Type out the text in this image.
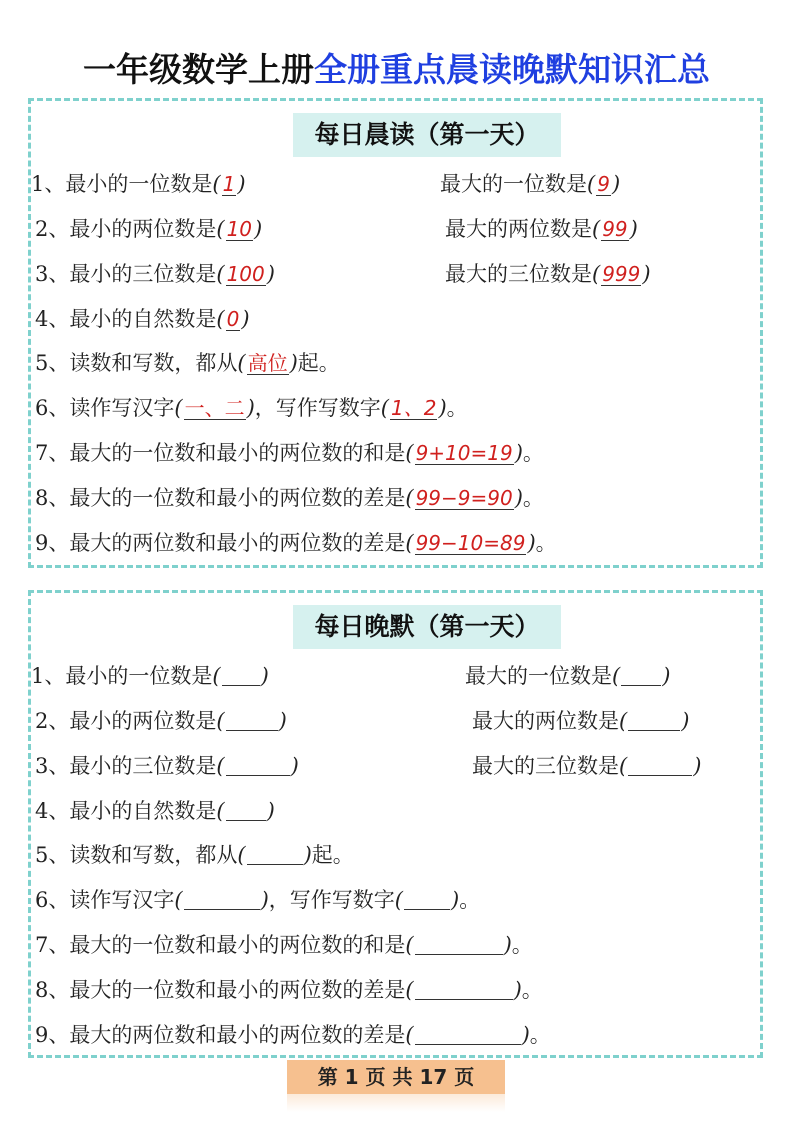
一年级数学上册全册重点晨读晚默知识汇总
每日晨读（第一天）
1、最小的一位数是( 1)	最大的一位数是( 9)
2、最小的两位数是( 10)	最大的两位数是( 99)
3、最小的三位数是( 100)	最大的三位数是( 999)
4、最小的自然数是( 0)
5、读数和写数，都从( 高位)起。
6、读作写汉字( 一、二)，写作写数字( 1、2)。
7、最大的一位数和最小的两位数的和是( 9+10=19)。
8、最大的一位数和最小的两位数的差是( 99−9=90)。
9、最大的两位数和最小的两位数的差是( 99−10=89)。
每日晚默（第一天）
1、最小的一位数是( )	最大的一位数是( )
2、最小的两位数是(	)	最大的两位数是(	)
3、最小的三位数是(	)	最大的三位数是(	)
4、最小的自然数是( )
5、读数和写数，都从(	)起。
6、读作写汉字(	)，写作写数字( )。
7、最大的一位数和最小的两位数的和是(	)。
8、最大的一位数和最小的两位数的差是(	)。
9、最大的两位数和最小的两位数的差是(	)。
第 1 页 共 17 页
